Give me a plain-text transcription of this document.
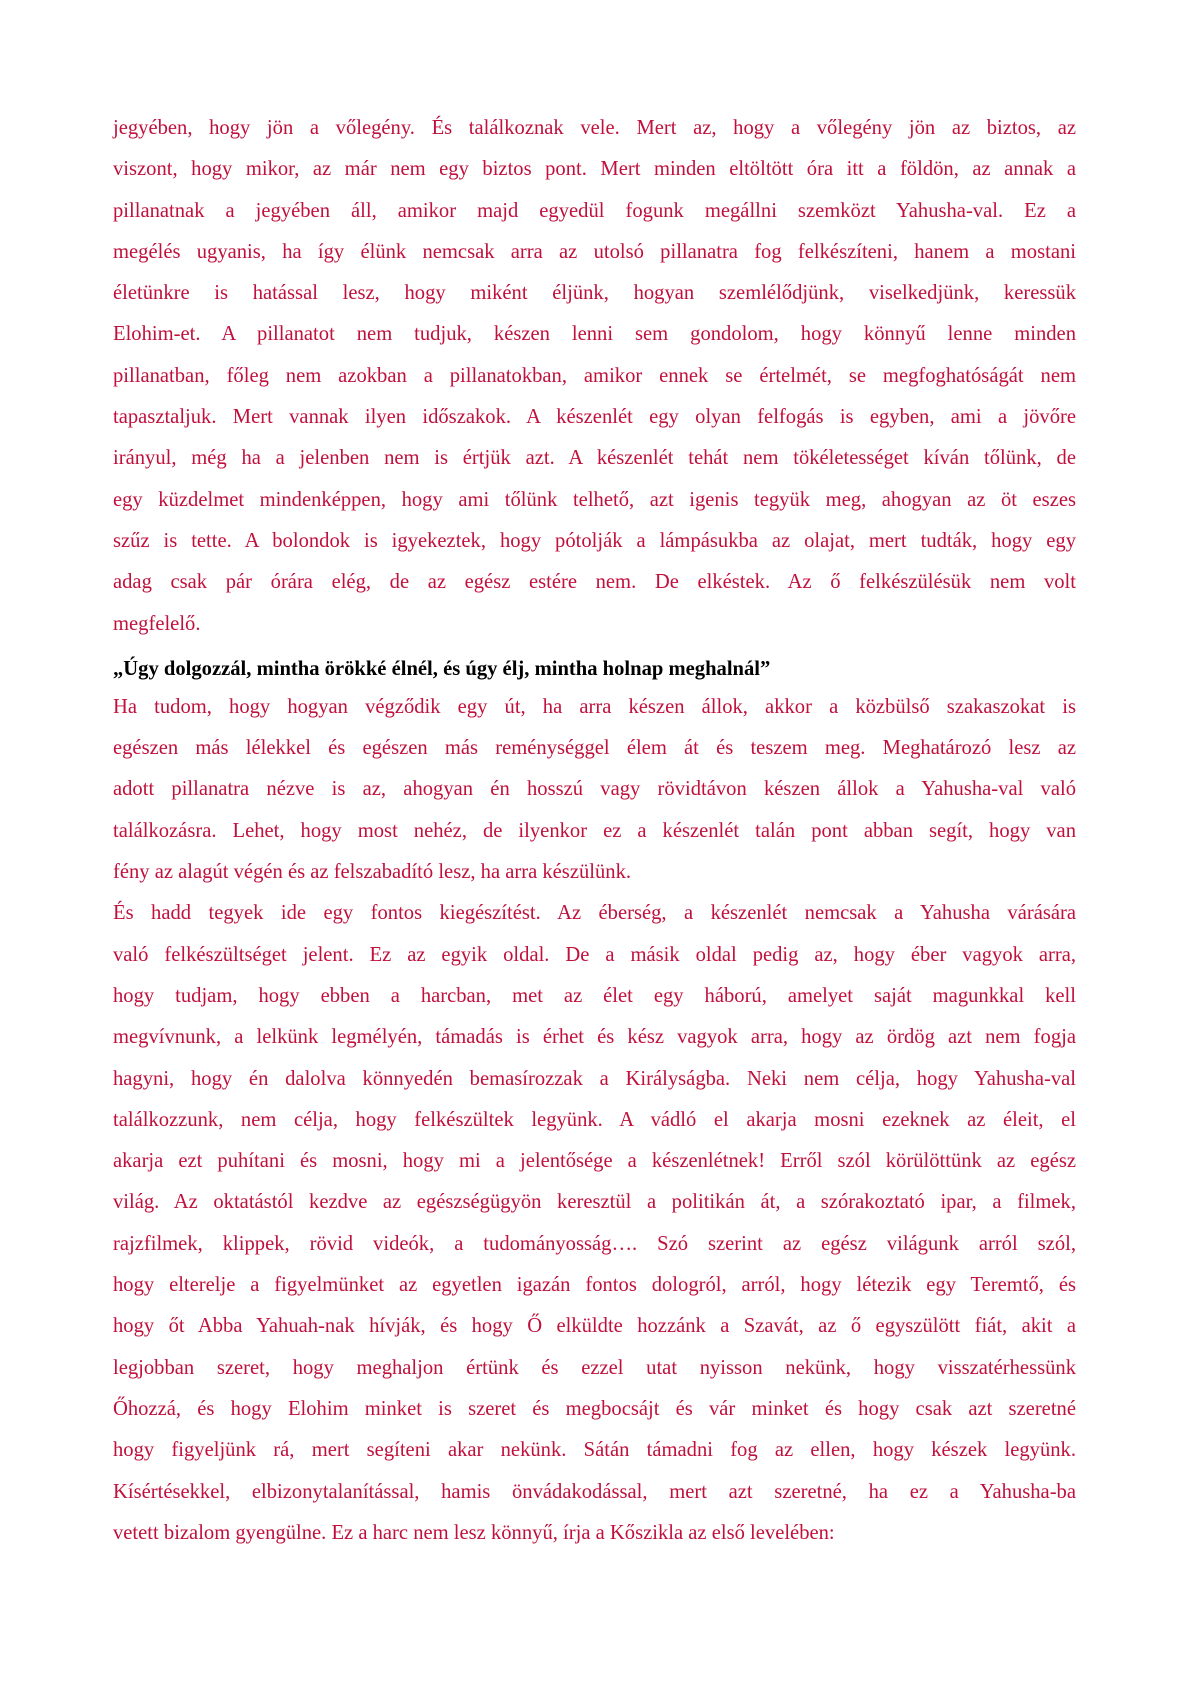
jegyében, hogy jön a vőlegény. És találkoznak vele. Mert az, hogy a vőlegény jön az biztos, az
viszont, hogy mikor, az már nem egy biztos pont. Mert minden eltöltött óra itt a földön, az annak a
pillanatnak a jegyében áll, amikor majd egyedül fogunk megállni szemközt Yahusha-val. Ez a
megélés ugyanis, ha így élünk nemcsak arra az utolsó pillanatra fog felkészíteni, hanem a mostani
életünkre is hatással lesz, hogy miként éljünk, hogyan szemlélődjünk, viselkedjünk, keressük
Elohim-et. A pillanatot nem tudjuk, készen lenni sem gondolom, hogy könnyű lenne minden
pillanatban, főleg nem azokban a pillanatokban, amikor ennek se értelmét, se megfoghatóságát nem
tapasztaljuk. Mert vannak ilyen időszakok. A készenlét egy olyan felfogás is egyben, ami a jövőre
irányul, még ha a jelenben nem is értjük azt. A készenlét tehát nem tökéletességet kíván tőlünk, de
egy küzdelmet mindenképpen, hogy ami tőlünk telhető, azt igenis tegyük meg, ahogyan az öt eszes
szűz is tette. A bolondok is igyekeztek, hogy pótolják a lámpásukba az olajat, mert tudták, hogy egy
adag csak pár órára elég, de az egész estére nem. De elkéstek. Az ő felkészülésük nem volt
megfelelő.
„Úgy dolgozzál, mintha örökké élnél, és úgy élj, mintha holnap meghalnál”
Ha tudom, hogy hogyan végződik egy út, ha arra készen állok, akkor a közbülső szakaszokat is
egészen más lélekkel és egészen más reménységgel élem át és teszem meg. Meghatározó lesz az
adott pillanatra nézve is az, ahogyan én hosszú vagy rövidtávon készen állok a Yahusha-val való
találkozásra. Lehet, hogy most nehéz, de ilyenkor ez a készenlét talán pont abban segít, hogy van
fény az alagút végén és az felszabadító lesz, ha arra készülünk.
És hadd tegyek ide egy fontos kiegészítést. Az éberség, a készenlét nemcsak a Yahusha várására
való felkészültséget jelent. Ez az egyik oldal. De a másik oldal pedig az, hogy éber vagyok arra,
hogy tudjam, hogy ebben a harcban, met az élet egy háború, amelyet saját magunkkal kell
megvívnunk, a lelkünk legmélyén, támadás is érhet és kész vagyok arra, hogy az ördög azt nem fogja
hagyni, hogy én dalolva könnyedén bemasírozzak a Királyságba. Neki nem célja, hogy Yahusha-val
találkozzunk, nem célja, hogy felkészültek legyünk. A vádló el akarja mosni ezeknek az éleit, el
akarja ezt puhítani és mosni, hogy mi a jelentősége a készenlétnek! Erről szól körülöttünk az egész
világ. Az oktatástól kezdve az egészségügyön keresztül a politikán át, a szórakoztató ipar, a filmek,
rajzfilmek, klippek, rövid videók, a tudományosság…. Szó szerint az egész világunk arról szól,
hogy elterelje a figyelmünket az egyetlen igazán fontos dologról, arról, hogy létezik egy Teremtő, és
hogy őt Abba Yahuah-nak hívják, és hogy Ő elküldte hozzánk a Szavát, az ő egyszülött fiát, akit a
legjobban szeret, hogy meghaljon értünk és ezzel utat nyisson nekünk, hogy visszatérhessünk
Őhozzá, és hogy Elohim minket is szeret és megbocsájt és vár minket és hogy csak azt szeretné
hogy figyeljünk rá, mert segíteni akar nekünk. Sátán támadni fog az ellen, hogy készek legyünk.
Kísértésekkel, elbizonytalanítással, hamis önvádakodással, mert azt szeretné, ha ez a Yahusha-ba
vetett bizalom gyengülne. Ez a harc nem lesz könnyű, írja a Kőszikla az első levelében:
